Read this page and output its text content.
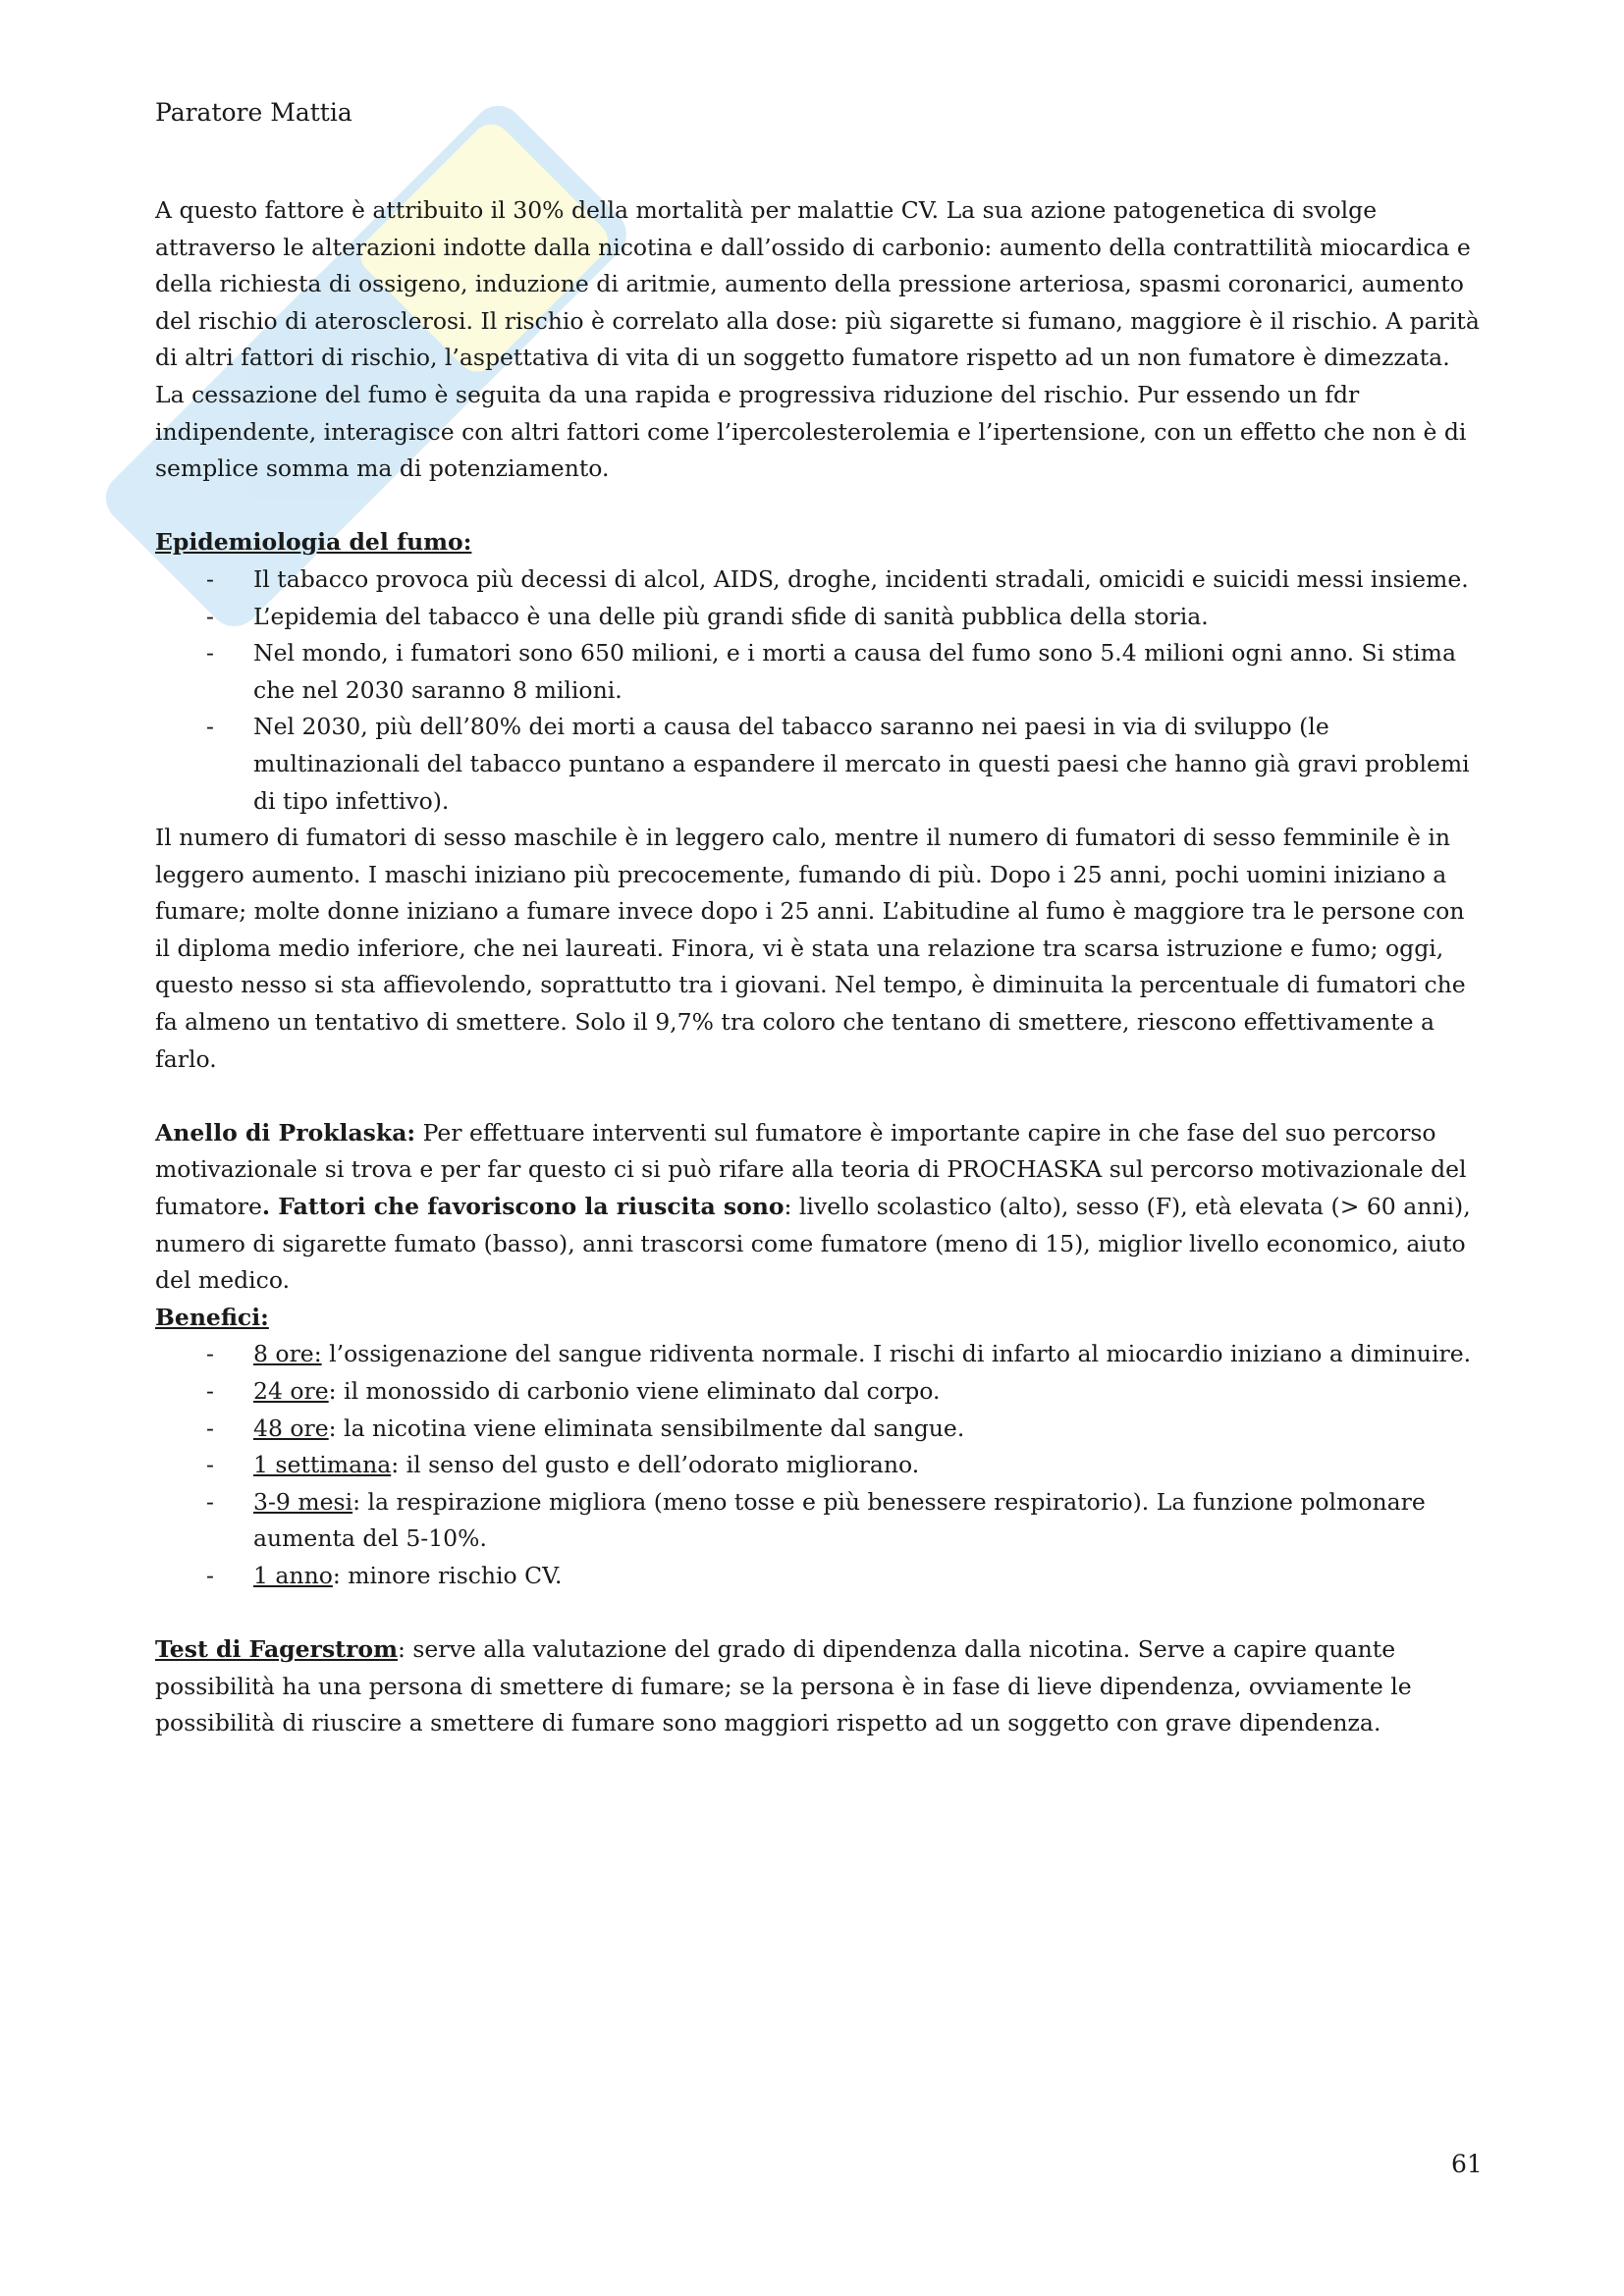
Paratore Mattia

A questo fattore è attribuito il 30% della mortalità per malattie CV. La sua azione patogenetica di svolge attraverso le alterazioni indotte dalla nicotina e dall’ossido di carbonio: aumento della contrattilità miocardica e della richiesta di ossigeno, induzione di aritmie, aumento della pressione arteriosa, spasmi coronarici, aumento del rischio di aterosclerosi. Il rischio è correlato alla dose: più sigarette si fumano, maggiore è il rischio. A parità di altri fattori di rischio, l’aspettativa di vita di un soggetto fumatore rispetto ad un non fumatore è dimezzata. La cessazione del fumo è seguita da una rapida e progressiva riduzione del rischio. Pur essendo un fdr indipendente, interagisce con altri fattori come l’ipercolesterolemia e l’ipertensione, con un effetto che non è di semplice somma ma di potenziamento.

Epidemiologia del fumo:

- Il tabacco provoca più decessi di alcol, AIDS, droghe, incidenti stradali, omicidi e suicidi messi insieme.
- L’epidemia del tabacco è una delle più grandi sfide di sanità pubblica della storia.
- Nel mondo, i fumatori sono 650 milioni, e i morti a causa del fumo sono 5.4 milioni ogni anno. Si stima che nel 2030 saranno 8 milioni.
- Nel 2030, più dell’80% dei morti a causa del tabacco saranno nei paesi in via di sviluppo (le multinazionali del tabacco puntano a espandere il mercato in questi paesi che hanno già gravi problemi di tipo infettivo).

Il numero di fumatori di sesso maschile è in leggero calo, mentre il numero di fumatori di sesso femminile è in leggero aumento. I maschi iniziano più precocemente, fumando di più. Dopo i 25 anni, pochi uomini iniziano a fumare; molte donne iniziano a fumare invece dopo i 25 anni. L’abitudine al fumo è maggiore tra le persone con il diploma medio inferiore, che nei laureati. Finora, vi è stata una relazione tra scarsa istruzione e fumo; oggi, questo nesso si sta affievolendo, soprattutto tra i giovani. Nel tempo, è diminuita la percentuale di fumatori che fa almeno un tentativo di smettere. Solo il 9,7% tra coloro che tentano di smettere, riescono effettivamente a farlo.

Anello di Proklaska: Per effettuare interventi sul fumatore è importante capire in che fase del suo percorso motivazionale si trova e per far questo ci si può rifare alla teoria di PROCHASKA sul percorso motivazionale del fumatore. Fattori che favoriscono la riuscita sono: livello scolastico (alto), sesso (F), età elevata (> 60 anni), numero di sigarette fumato (basso), anni trascorsi come fumatore (meno di 15), miglior livello economico, aiuto del medico.

Benefici:

- 8 ore: l’ossigenazione del sangue ridiventa normale. I rischi di infarto al miocardio iniziano a diminuire.
- 24 ore: il monossido di carbonio viene eliminato dal corpo.
- 48 ore: la nicotina viene eliminata sensibilmente dal sangue.
- 1 settimana: il senso del gusto e dell’odorato migliorano.
- 3-9 mesi: la respirazione migliora (meno tosse e più benessere respiratorio). La funzione polmonare aumenta del 5-10%.
- 1 anno: minore rischio CV.

Test di Fagerstrom: serve alla valutazione del grado di dipendenza dalla nicotina. Serve a capire quante possibilità ha una persona di smettere di fumare; se la persona è in fase di lieve dipendenza, ovviamente le possibilità di riuscire a smettere di fumare sono maggiori rispetto ad un soggetto con grave dipendenza.

61
